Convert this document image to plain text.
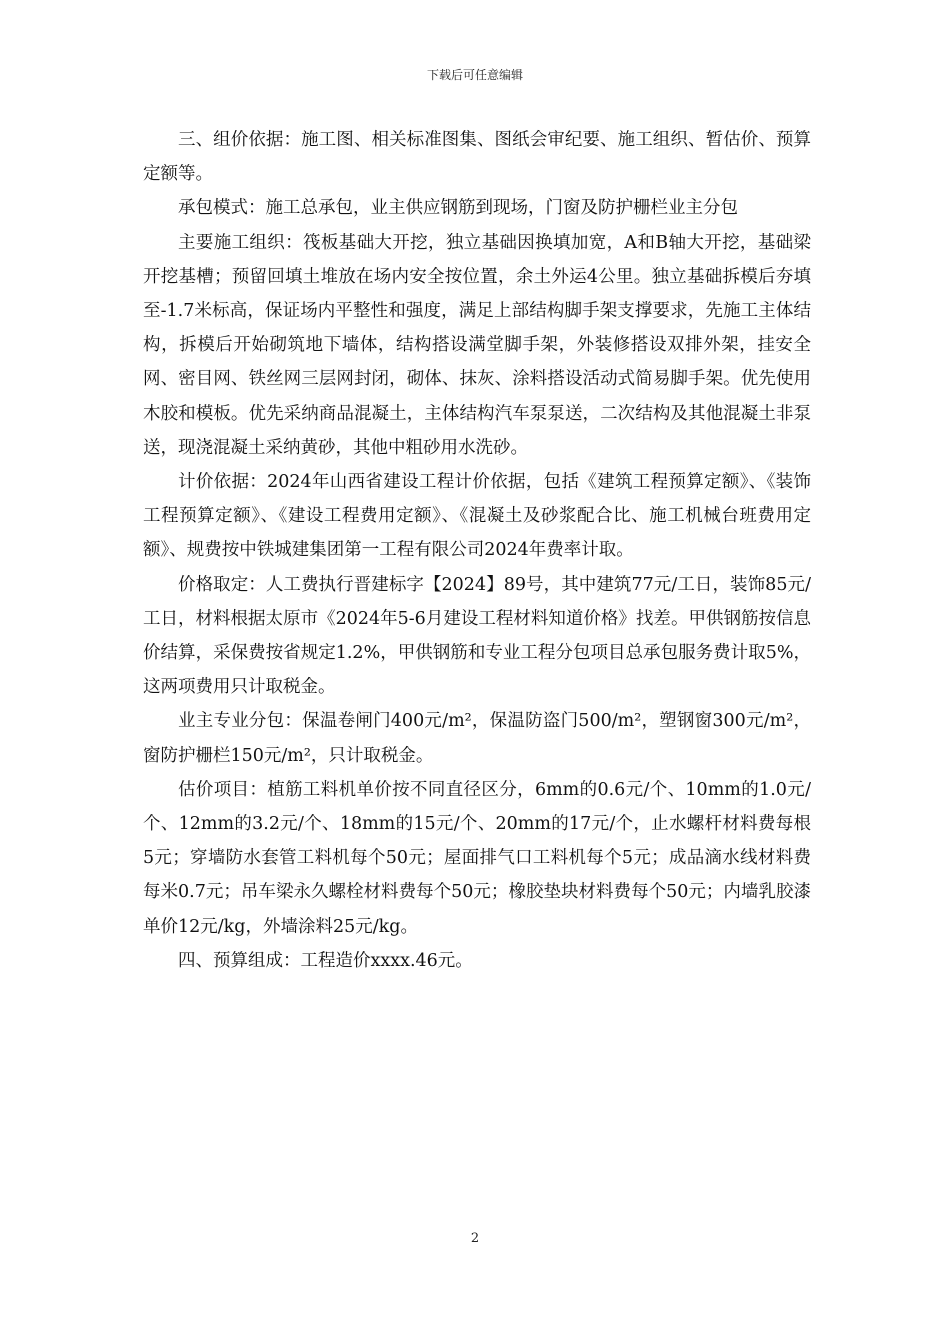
下载后可任意编辑

三、组价依据：施工图、相关标准图集、图纸会审纪要、施工组织、暂估价、预算定额等。

承包模式：施工总承包，业主供应钢筋到现场，门窗及防护栅栏业主分包

主要施工组织：筏板基础大开挖，独立基础因换填加宽，A和B轴大开挖，基础梁开挖基槽；预留回填土堆放在场内安全按位置，余土外运4公里。独立基础拆模后夯填至-1.7米标高，保证场内平整性和强度，满足上部结构脚手架支撑要求，先施工主体结构，拆模后开始砌筑地下墙体，结构搭设满堂脚手架，外装修搭设双排外架，挂安全网、密目网、铁丝网三层网封闭，砌体、抹灰、涂料搭设活动式简易脚手架。优先使用木胶和模板。优先采纳商品混凝土，主体结构汽车泵泵送，二次结构及其他混凝土非泵送，现浇混凝土采纳黄砂，其他中粗砂用水洗砂。

计价依据：2024年山西省建设工程计价依据，包括《建筑工程预算定额》、《装饰工程预算定额》、《建设工程费用定额》、《混凝土及砂浆配合比、施工机械台班费用定额》、规费按中铁城建集团第一工程有限公司2024年费率计取。

价格取定：人工费执行晋建标字【2024】89号，其中建筑77元/工日，装饰85元/工日，材料根据太原市《2024年5-6月建设工程材料知道价格》找差。甲供钢筋按信息价结算，采保费按省规定1.2%，甲供钢筋和专业工程分包项目总承包服务费计取5%，这两项费用只计取税金。

业主专业分包：保温卷闸门400元/m²，保温防盗门500/m²，塑钢窗300元/m²，窗防护栅栏150元/m²，只计取税金。

估价项目：植筋工料机单价按不同直径区分，6mm的0.6元/个、10mm的1.0元/个、12mm的3.2元/个、18mm的15元/个、20mm的17元/个，止水螺杆材料费每根5元；穿墙防水套管工料机每个50元；屋面排气口工料机每个5元；成品滴水线材料费每米0.7元；吊车梁永久螺栓材料费每个50元；橡胶垫块材料费每个50元；内墙乳胶漆单价12元/kg，外墙涂料25元/kg。

四、预算组成：工程造价xxxx.46元。

2
